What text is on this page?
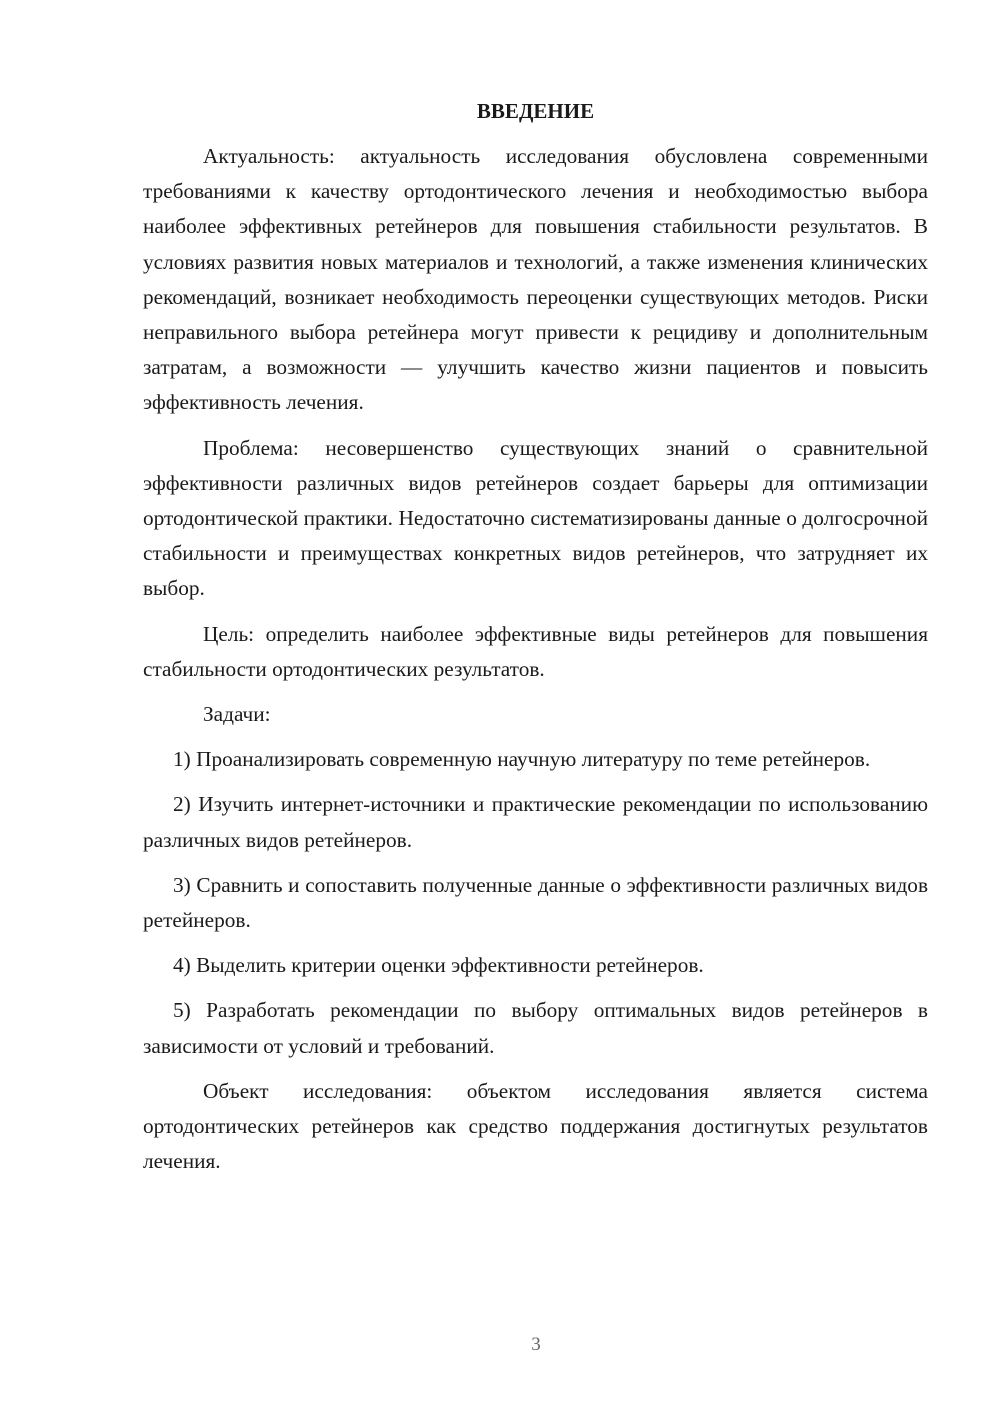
ВВЕДЕНИЕ

Актуальность: актуальность исследования обусловлена современными требованиями к качеству ортодонтического лечения и необходимостью выбора наиболее эффективных ретейнеров для повышения стабильности результатов. В условиях развития новых материалов и технологий, а также изменения клинических рекомендаций, возникает необходимость переоценки существующих методов. Риски неправильного выбора ретейнера могут привести к рецидиву и дополнительным затратам, а возможности — улучшить качество жизни пациентов и повысить эффективность лечения.

Проблема: несовершенство существующих знаний о сравнительной эффективности различных видов ретейнеров создает барьеры для оптимизации ортодонтической практики. Недостаточно систематизированы данные о долгосрочной стабильности и преимуществах конкретных видов ретейнеров, что затрудняет их выбор.

Цель: определить наиболее эффективные виды ретейнеров для повышения стабильности ортодонтических результатов.

Задачи:

1) Проанализировать современную научную литературу по теме ретейнеров.

2) Изучить интернет-источники и практические рекомендации по использованию различных видов ретейнеров.

3) Сравнить и сопоставить полученные данные о эффективности различных видов ретейнеров.

4) Выделить критерии оценки эффективности ретейнеров.

5) Разработать рекомендации по выбору оптимальных видов ретейнеров в зависимости от условий и требований.

Объект исследования: объектом исследования является система ортодонтических ретейнеров как средство поддержания достигнутых результатов лечения.

3
